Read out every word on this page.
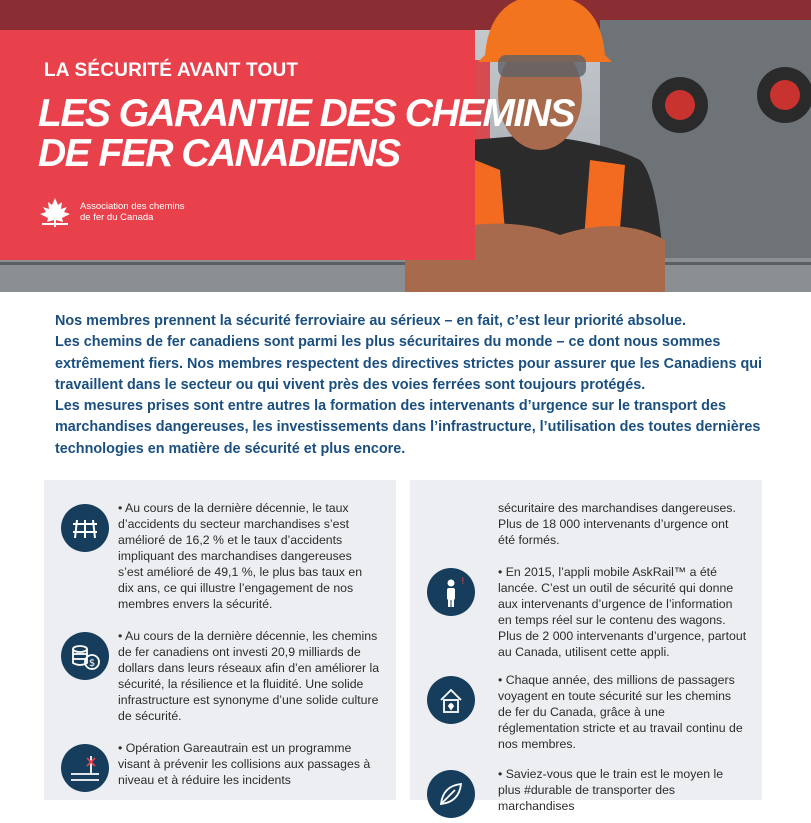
LA SÉCURITÉ AVANT TOUT
LES GARANTIE DES CHEMINS
DE FER CANADIENS
Association des chemins
de fer du Canada

Nos membres prennent la sécurité ferroviaire au sérieux – en fait, c’est leur priorité absolue.

Les chemins de fer canadiens sont parmi les plus sécuritaires du monde – ce dont nous sommes extrêmement fiers. Nos membres respectent des directives strictes pour assurer que les Canadiens qui travaillent dans le secteur ou qui vivent près des voies ferrées sont toujours protégés.

Les mesures prises sont entre autres la formation des intervenants d’urgence sur le transport des marchandises dangereuses, les investissements dans l’infrastructure, l’utilisation des toutes dernières technologies en matière de sécurité et plus encore.

• Au cours de la dernière décennie, le taux d’accidents du secteur marchandises s’est amélioré de 16,2 % et le taux d’accidents impliquant des marchandises dangereuses s’est amélioré de 49,1 %, le plus bas taux en dix ans, ce qui illustre l’engagement de nos membres envers la sécurité.
$
• Au cours de la dernière décennie, les chemins de fer canadiens ont investi 20,9 milliards de dollars dans leurs réseaux afin d’en améliorer la sécurité, la résilience et la fluidité. Une solide infrastructure est synonyme d’une solide culture de sécurité.
• Opération Gareautrain est un programme visant à prévenir les collisions aux passages à niveau et à réduire les incidents
sécuritaire des marchandises dangereuses. Plus de 18 000 intervenants d’urgence ont été formés.
!
• En 2015, l’appli mobile AskRail™ a été lancée. C’est un outil de sécurité qui donne aux intervenants d’urgence de l’information en temps réel sur le contenu des wagons. Plus de 2 000 intervenants d’urgence, partout au Canada, utilisent cette appli.
• Chaque année, des millions de passagers voyagent en toute sécurité sur les chemins de fer du Canada, grâce à une réglementation stricte et au travail continu de nos membres.
• Saviez-vous que le train est le moyen le plus #durable de transporter des marchandises
